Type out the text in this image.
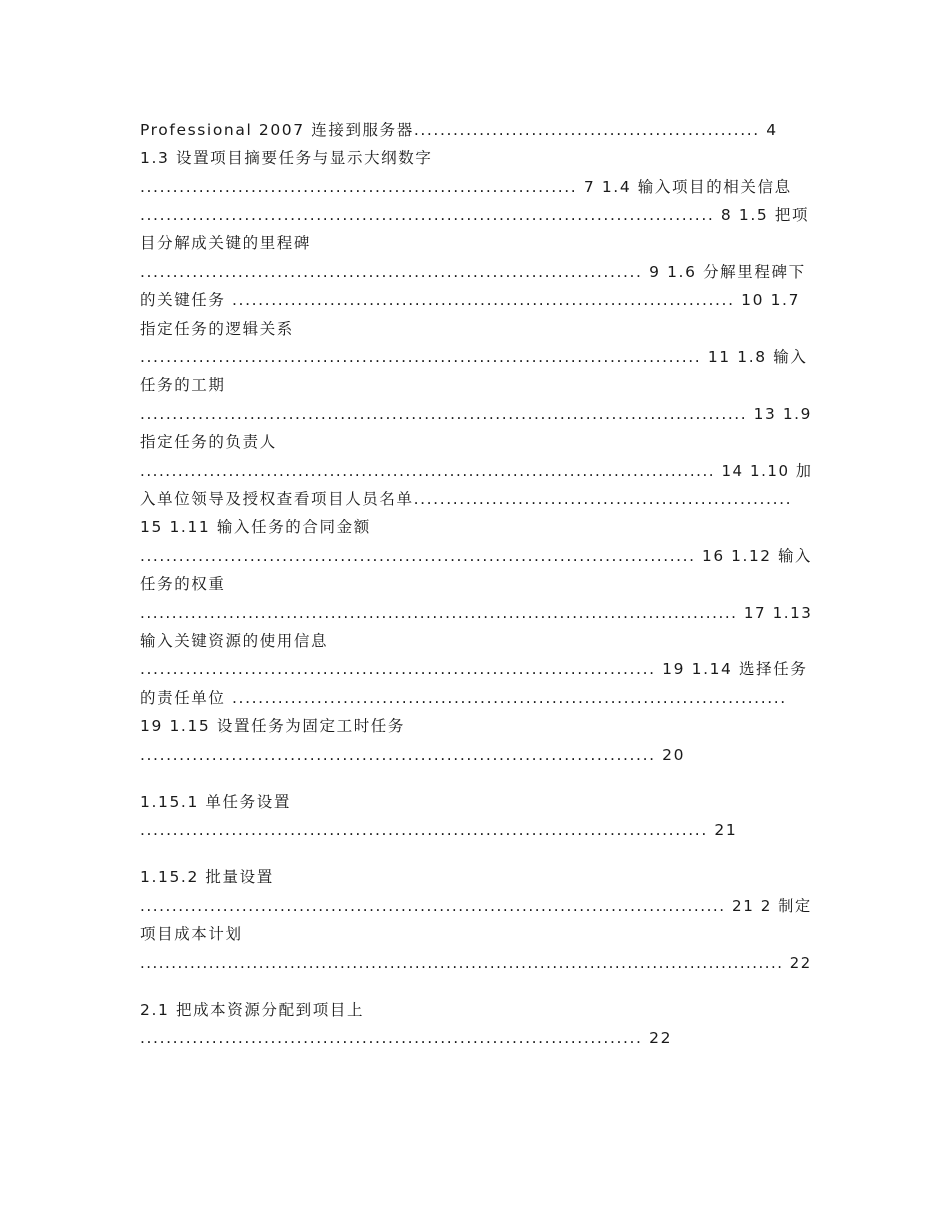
Professional 2007 连接到服务器..................................................... 4
1.3 设置项目摘要任务与显示大纲数字
................................................................... 7 1.4 输入项目的相关信息
........................................................................................ 8 1.5 把项
目分解成关键的里程碑
............................................................................. 9 1.6 分解里程碑下
的关键任务 ............................................................................. 10 1.7
指定任务的逻辑关系
...................................................................................... 11 1.8 输入
任务的工期
.............................................................................................. 13 1.9
指定任务的负责人
........................................................................................... 14 1.10 加
入单位领导及授权查看项目人员名单..........................................................
15 1.11 输入任务的合同金额
...................................................................................... 16 1.12 输入
任务的权重
.............................................................................................. 17 1.13
输入关键资源的使用信息
............................................................................... 19 1.14 选择任务
的责任单位 .....................................................................................
19 1.15 设置任务为固定工时任务
............................................................................... 20
1.15.1 单任务设置
....................................................................................... 21
1.15.2 批量设置
............................................................................................ 21 2 制定
项目成本计划
....................................................................................................... 22
2.1 把成本资源分配到项目上
............................................................................. 22
